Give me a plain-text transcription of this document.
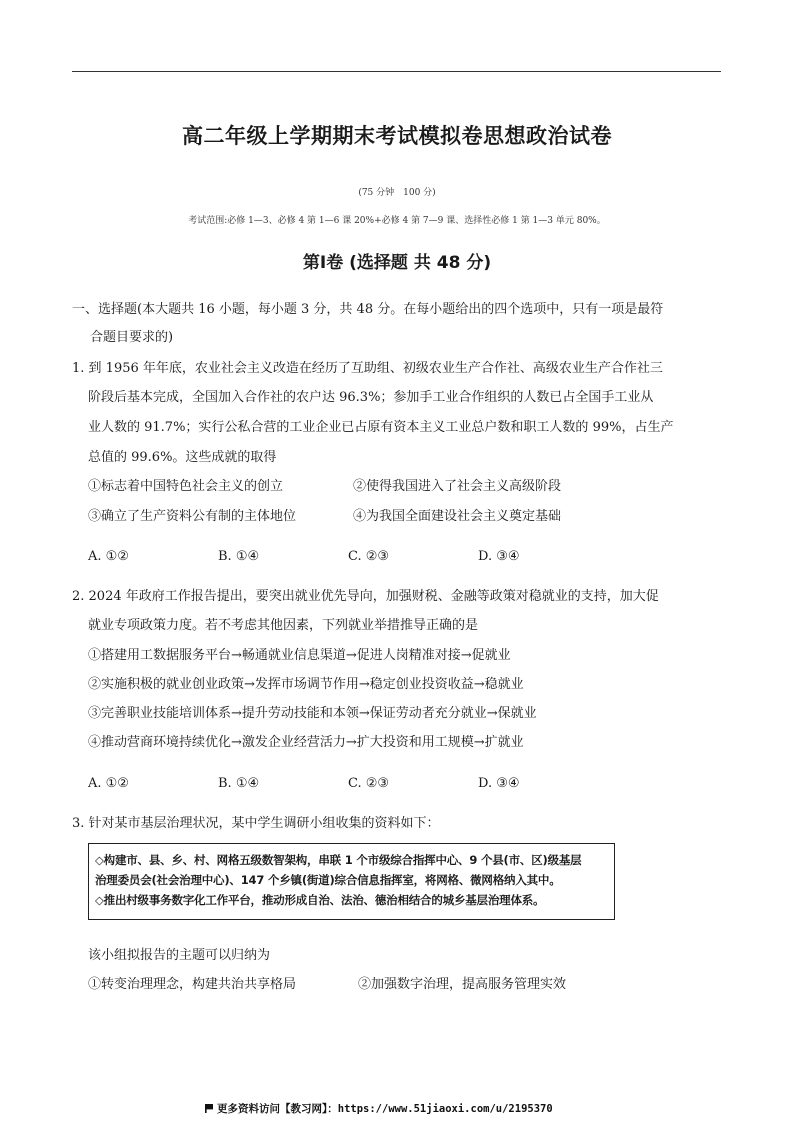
高二年级上学期期末考试模拟卷思想政治试卷
(75 分钟　100 分)
考试范围:必修 1—3、必修 4 第 1—6 课 20%+必修 4 第 7—9 课、选择性必修 1 第 1—3 单元 80%。
第Ⅰ卷 (选择题 共 48 分)
一、选择题(本大题共 16 小题，每小题 3 分，共 48 分。在每小题给出的四个选项中，只有一项是最符
合题目要求的)
1. 到 1956 年年底，农业社会主义改造在经历了互助组、初级农业生产合作社、高级农业生产合作社三
阶段后基本完成，全国加入合作社的农户达 96.3%；参加手工业合作组织的人数已占全国手工业从
业人数的 91.7%；实行公私合营的工业企业已占原有资本主义工业总户数和职工人数的 99%，占生产
总值的 99.6%。这些成就的取得
①标志着中国特色社会主义的创立	②使得我国进入了社会主义高级阶段
③确立了生产资料公有制的主体地位	④为我国全面建设社会主义奠定基础
A. ①②	B. ①④	C. ②③	D. ③④
2. 2024 年政府工作报告提出，要突出就业优先导向，加强财税、金融等政策对稳就业的支持，加大促
就业专项政策力度。若不考虑其他因素，下列就业举措推导正确的是
①搭建用工数据服务平台→畅通就业信息渠道→促进人岗精准对接→促就业
②实施积极的就业创业政策→发挥市场调节作用→稳定创业投资收益→稳就业
③完善职业技能培训体系→提升劳动技能和本领→保证劳动者充分就业→保就业
④推动营商环境持续优化→激发企业经营活力→扩大投资和用工规模→扩就业
A. ①②	B. ①④	C. ②③	D. ③④
3. 针对某市基层治理状况，某中学生调研小组收集的资料如下：
◇构建市、县、乡、村、网格五级数智架构，串联 1 个市级综合指挥中心、9 个县(市、区)级基层
治理委员会(社会治理中心)、147 个乡镇(街道)综合信息指挥室，将网格、微网格纳入其中。
◇推出村级事务数字化工作平台，推动形成自治、法治、德治相结合的城乡基层治理体系。
该小组拟报告的主题可以归纳为
①转变治理理念，构建共治共享格局	②加强数字治理，提高服务管理实效
更多资料访问【教习网】：https://www.51jiaoxi.com/u/2195370
